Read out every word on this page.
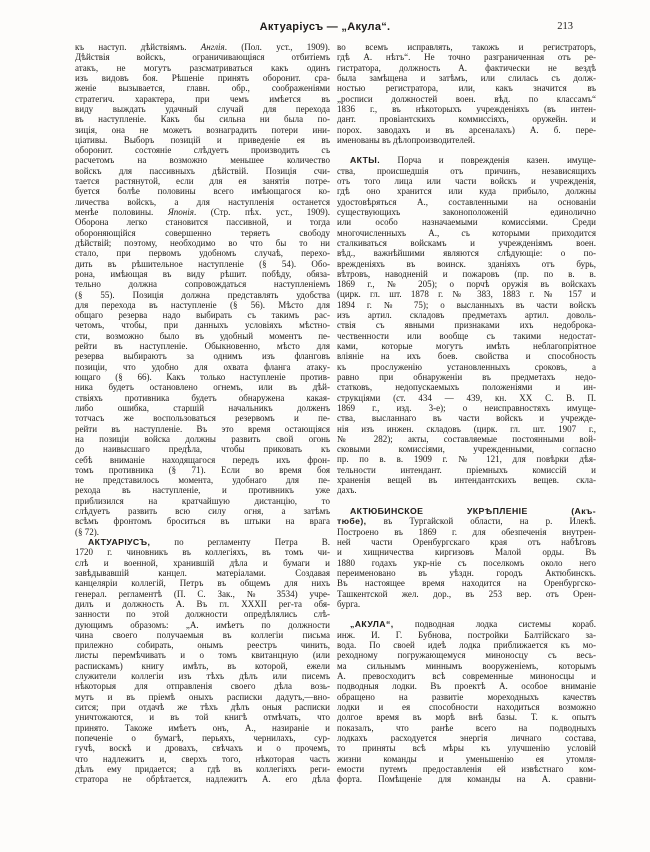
Актуаріусъ — „Акула“.	213
къ наступ. дѣйствіямъ. Англія. (Пол. уст., 1909).
Дѣйствія войскъ, ограничивающіяся отбитіемъ
атакъ, не могутъ разсматриваться какъ одинъ
изъ видовъ боя. Рѣшеніе принять оборонит. сра-
женіе вызывается, главн. обр., соображеніями
стратегич. характера, при чемъ имѣется въ
виду выждать удачный случай для перехода
въ наступленіе. Какъ бы сильна ни была по-
зиція, она не можетъ вознаградить потери ини-
ціативы. Выборъ позицій и приведеніе ея въ
оборонит. состояніе слѣдуетъ производить съ
расчетомъ на возможно меньшее количество
войскъ для пассивныхъ дѣйствій. Позиція счи-
тается растянутой, если для ея занятія потре-
буется болѣе половины всего имѣющагося ко-
личества войскъ, а для наступленія останется
менѣе половины. Японія. (Стр. пѣх. уст., 1909).
Оборона легко становится пассивной, и тогда
обороняющійся совершенно теряетъ свободу
дѣйствій; поэтому, необходимо во что бы то ни
стало, при первомъ удобномъ случаѣ, перехо-
дить въ рѣшительное наступленіе (§ 54). Обо-
рона, имѣющая въ виду рѣшит. побѣду, обяза-
тельно должна сопровождаться наступленіемъ
(§ 55). Позиція должна представлять удобства
для перехода въ наступленіе (§ 56). Мѣсто для
общаго резерва надо выбирать съ такимъ рас-
четомъ, чтобы, при данныхъ условіяхъ мѣстно-
сти, возможно было въ удобный моментъ пе-
рейти въ наступленіе. Обыкновенно, мѣсто для
резерва выбираютъ за однимъ изъ фланговъ
позиціи, что удобно для охвата фланга атаку-
ющаго (§ 66). Какъ только наступленіе против-
ника будетъ остановлено огнемъ, или въ дѣй-
ствіяхъ противника будетъ обнаружена какая-
либо ошибка, старшій начальникъ долженъ
тотчасъ же воспользоваться резервомъ и пе-
рейти въ наступленіе. Въ это время остающіяся
на позиціи войска должны развить свой огонь
до наивысшаго предѣла, чтобы приковать къ
себѣ вниманіе находящагося передъ ихъ фрон-
томъ противника (§ 71). Если во время боя
не представилось момента, удобнаго для пе-
рехода въ наступленіе, и противникъ уже
приблизился на кратчайшую дистанцію, то
слѣдуетъ развить всю силу огня, а затѣмъ
всѣмъ фронтомъ броситься въ штыки на врага
(§ 72).
АКТУАРІУСЪ, по регламенту Петра В.
1720 г. чиновникъ въ коллегіяхъ, въ томъ чи-
слѣ и военной, хранившій дѣла и бумаги и
завѣдывавшій канцел. матеріалами. Создавая
канцеляріи коллегій, Петръ въ общемъ для нихъ
генерал. регламентѣ (П. С. Зак., № 3534) учре-
дилъ и должность А. Въ гл. XXXII рег-та обя-
занности по этой должности опредѣлялись слѣ-
дующимъ образомъ: „А. имѣетъ по должности
чина своего получаемыя въ коллегіи письма
прилежно собирать, онымъ реестръ чинить,
листы перемѣчивать и о томъ квитанцную (или
распискамъ) книгу имѣть, въ которой, ежели
служители коллегіи изъ тѣхъ дѣлъ или писемъ
нѣкоторыя для отправленія своего дѣла возь-
мутъ и въ пріемѣ оныхъ расписки дадутъ,—вно-
сится; при отдачѣ же тѣхъ дѣлъ оныя расписки
уничтожаются, и въ той книгѣ отмѣчать, что
принято. Такоже имѣетъ онъ, А., назираніе и
попеченіе о бумагѣ, перьяхъ, чернилахъ, сур-
гучѣ, воскѣ и дровахъ, свѣчахъ и о прочемъ,
что надлежитъ и, сверхъ того, нѣкоторая часть
дѣлъ ему придается; а гдѣ въ коллегіяхъ реги-
стратора не обрѣтается, надлежитъ А. его дѣла
во всемъ исправлять, такожъ и регистраторъ,
гдѣ А. нѣтъ“. Не точно разграниченная отъ ре-
гистратора, должность А. фактически не вездѣ
была замѣщена и затѣмъ, или слилась съ долж-
ностью регистратора, или, какъ значится въ
„росписи должностей воен. вѣд. по классамъ“
1836 г., въ нѣкоторыхъ учрежденіяхъ (въ интен-
дант. провіантскихъ коммиссіяхъ, оружейн. и
порох. заводахъ и въ арсеналахъ) А. б. пере-
именованы въ дѣлопроизводителей.
АКТЫ. Порча и поврежденія казен. имуще-
ства, происшедшія отъ причинъ, независящихъ
отъ того лица или части войскъ и учрежденія,
гдѣ оно хранится или куда прибыло, должны
удостовѣряться А., составленными на основаніи
существующихъ законоположеній единолично
или особо назначаемыми комиссіями. Среди
многочисленныхъ А., съ которыми приходится
сталкиваться войскамъ и учрежденіямъ воен.
вѣд., важнѣйшими являются слѣдующіе: о по-
врежденіяхъ въ воинск. зданіяхъ отъ бурь,
вѣтровъ, наводненій и пожаровъ (пр. по в. в.
1869 г., № 205); о порчѣ оружія въ войскахъ
(цирк. гл. шт. 1878 г. № 383, 1883 г. № 157 и
1894 г. № 75); о высланныхъ въ части войскъ
изъ артил. складовъ предметахъ артил. доволь-
ствія съ явными признаками ихъ недоброка-
чественности или вообще съ такими недостат-
ками, которые могутъ имѣть неблагопріятное
вліяніе на ихъ боев. свойства и способность
къ прослуженію установленныхъ сроковъ, а
равно при обнаруженіи въ предметахъ недо-
статковъ, недопускаемыхъ положеніями и ин-
струкціями (ст. 434 — 439, кн. XX С. В. П.
1869 г., изд. 3-е); о неисправностяхъ имуще-
ства, высланнаго въ части войскъ и учрежде-
нія изъ инжен. складовъ (цирк. гл. шт. 1907 г.,
№ 282); акты, составляемые постоянными вой-
сковыми комиссіями, учрежденными, согласно
пр. по в. в. 1909 г. № 121, для повѣрки дѣя-
тельности интендант. пріемныхъ комиссій и
храненія вещей въ интендантскихъ вещев. скла-
дахъ.
АКТЮБИНСКОЕ УКРѢПЛЕНІЕ (Акъ-
тюбе), въ Тургайской области, на р. Илекѣ.
Построено въ 1869 г. для обезпеченія внутрен-
ней части Оренбургскаго края отъ набѣговъ
и хищничества киргизовъ Малой орды. Въ
1880 годахъ укр-ніе съ поселкомъ около него
переименовано въ уѣздн. городъ Актюбинскъ.
Въ настоящее время находится на Оренбургско-
Ташкентской жел. дор., въ 253 вер. отъ Орен-
бурга.
„АКУЛА“, подводная лодка системы кораб.
инж. И. Г. Бубнова, постройки Балтійскаго за-
вода. По своей идеѣ лодка приближается къ мо-
реходному погружающемуся миноносцу съ весь-
ма сильнымъ миннымъ вооруженіемъ, которымъ
А. превосходитъ всѣ современные миноносцы и
подводныя лодки. Въ проектѣ А. особое вниманіе
обращено на развитіе мореходныхъ качествъ
лодки и ея способности находиться возможно
долгое время въ морѣ внѣ базы. Т. к. опытъ
показалъ, что ранѣе всего на подводныхъ
лодкахъ расходуется энергія личнаго состава,
то приняты всѣ мѣры къ улучшенію условій
жизни команды и уменьшенію ея утомля-
емости путемъ предоставленія ей извѣстнаго ком-
форта. Помѣщеніе для команды на А. сравни-
